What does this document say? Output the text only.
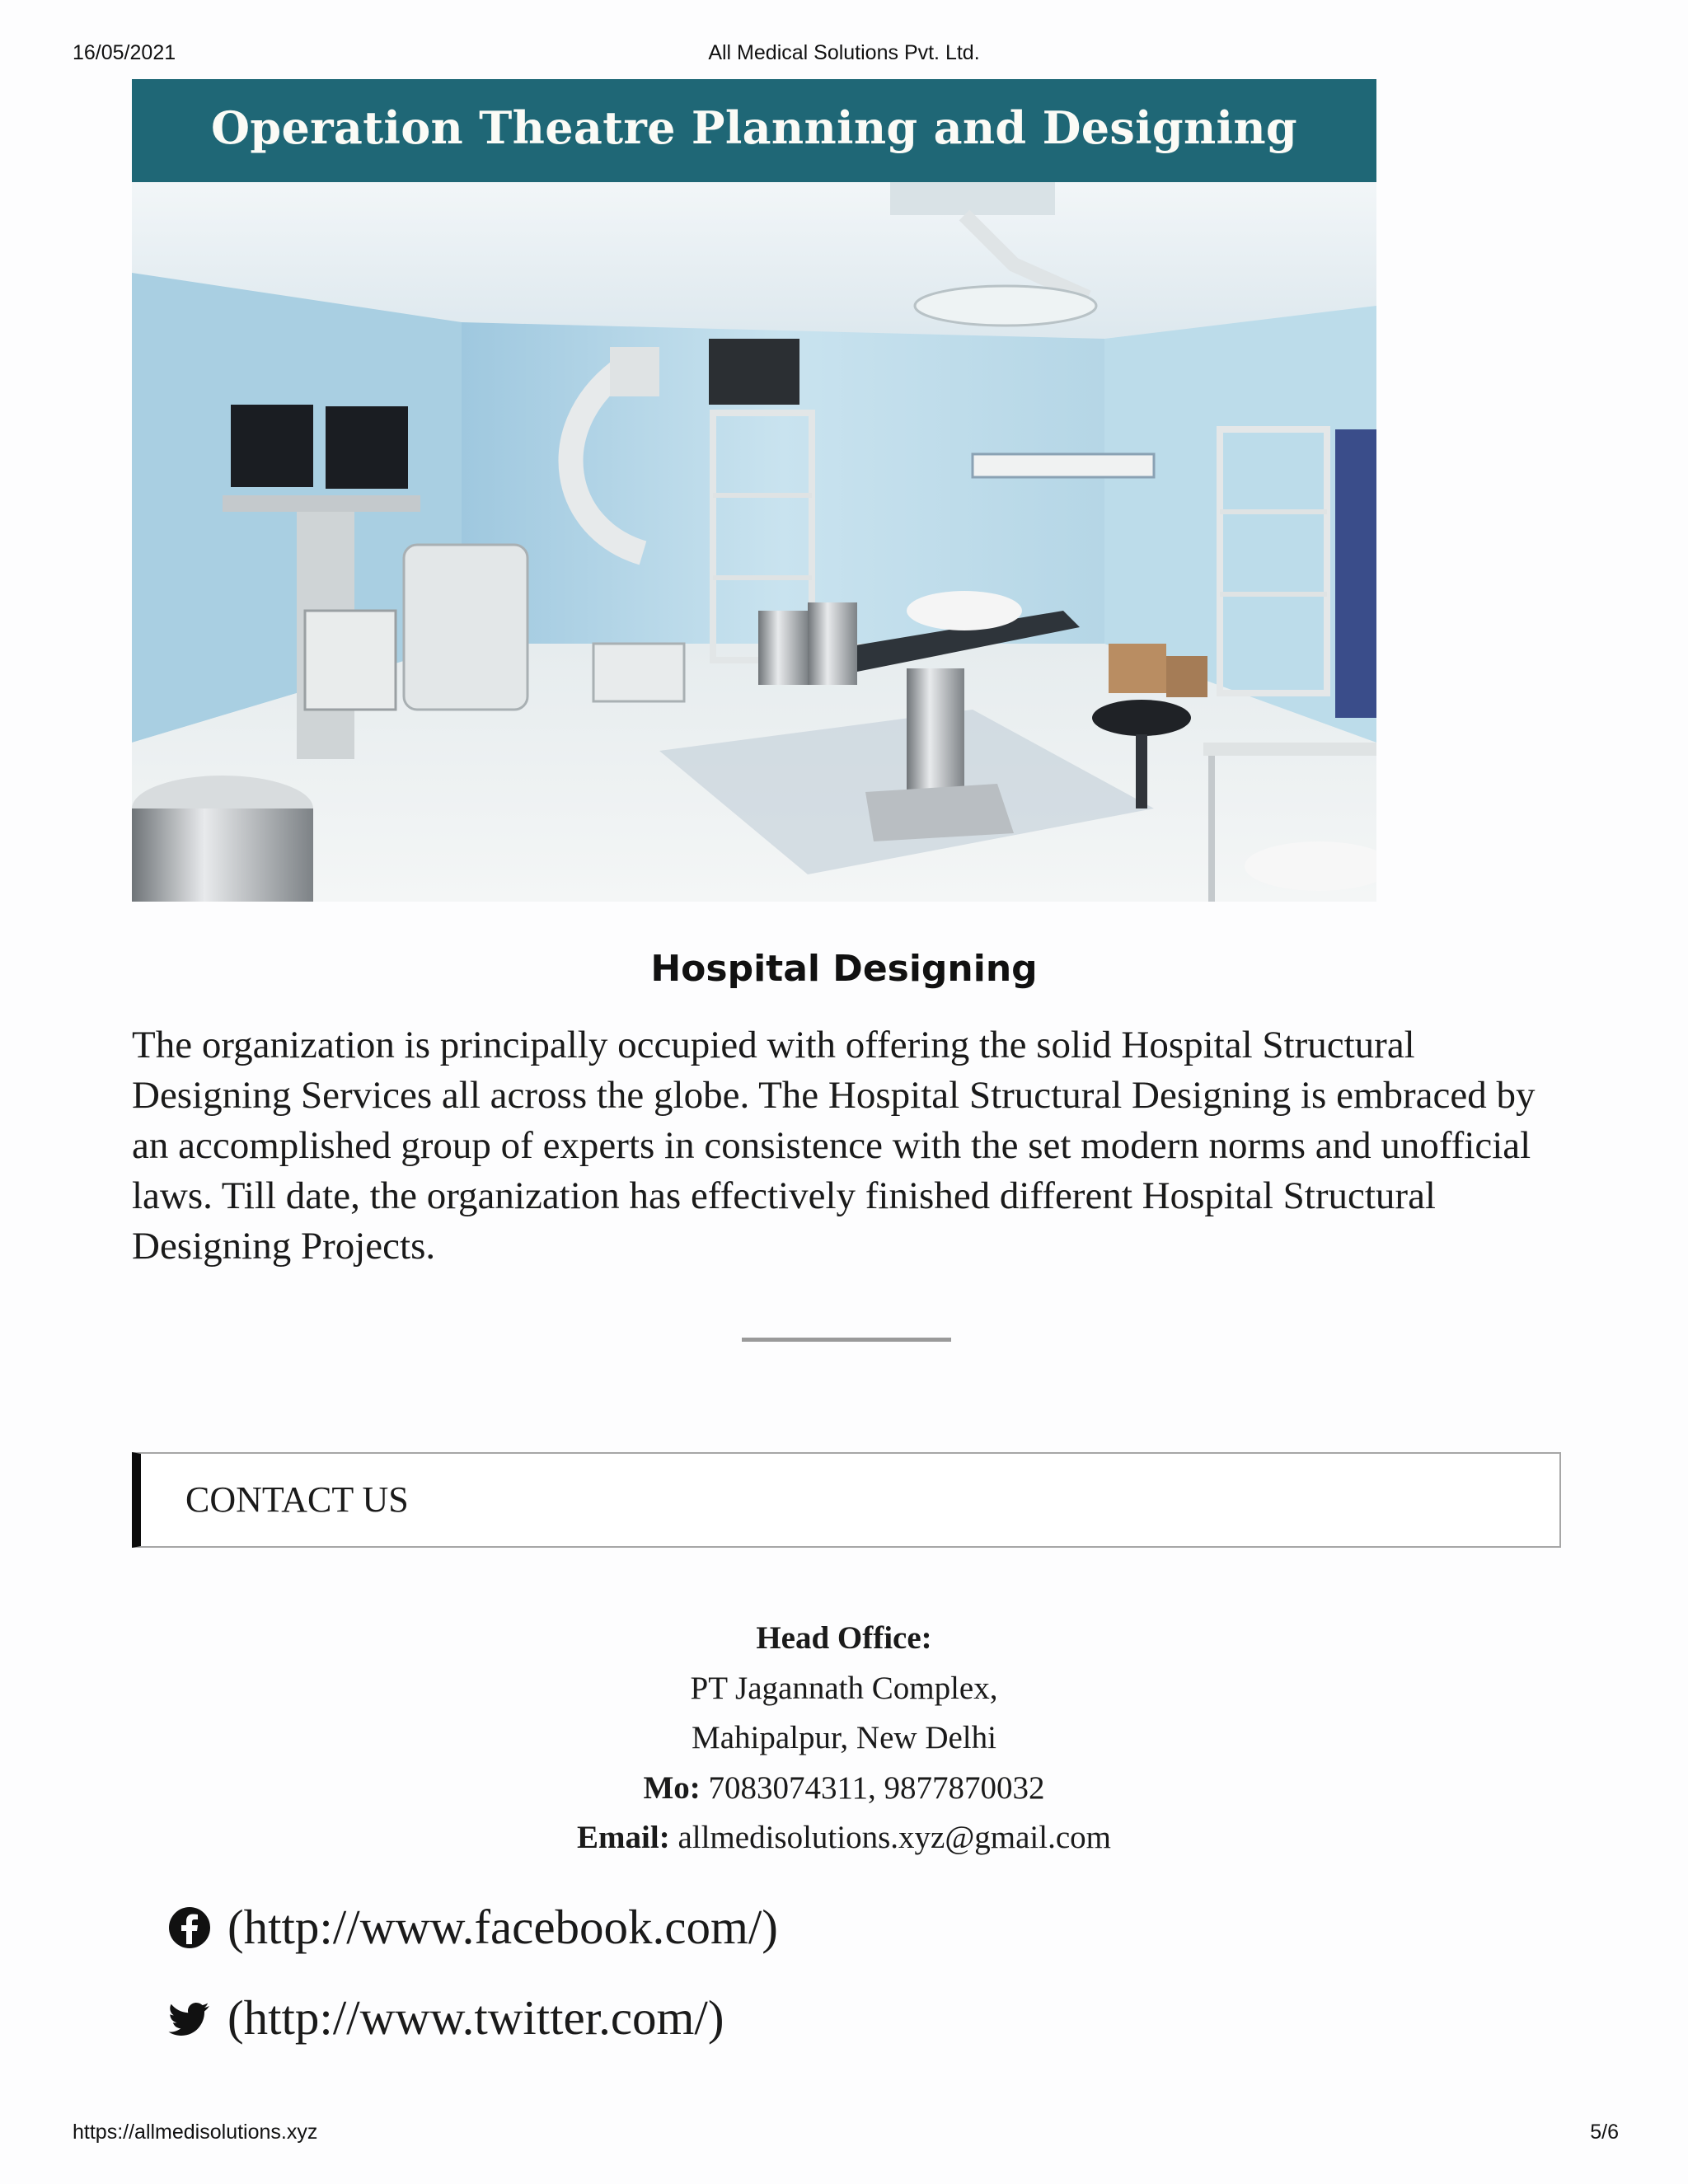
16/05/2021	All Medical Solutions Pvt. Ltd.
Operation Theatre Planning and Designing
Hospital Designing
The organization is principally occupied with offering the solid Hospital Structural Designing Services all across the globe. The Hospital Structural Designing is embraced by an accomplished group of experts in consistence with the set modern norms and unofficial laws. Till date, the organization has effectively finished different Hospital Structural Designing Projects.
CONTACT US
Head Office:
PT Jagannath Complex,
Mahipalpur, New Delhi
Mo: 7083074311, 9877870032
Email: allmedisolutions.xyz@gmail.com
(http://www.facebook.com/)
(http://www.twitter.com/)
https://allmedisolutions.xyz	5/6
